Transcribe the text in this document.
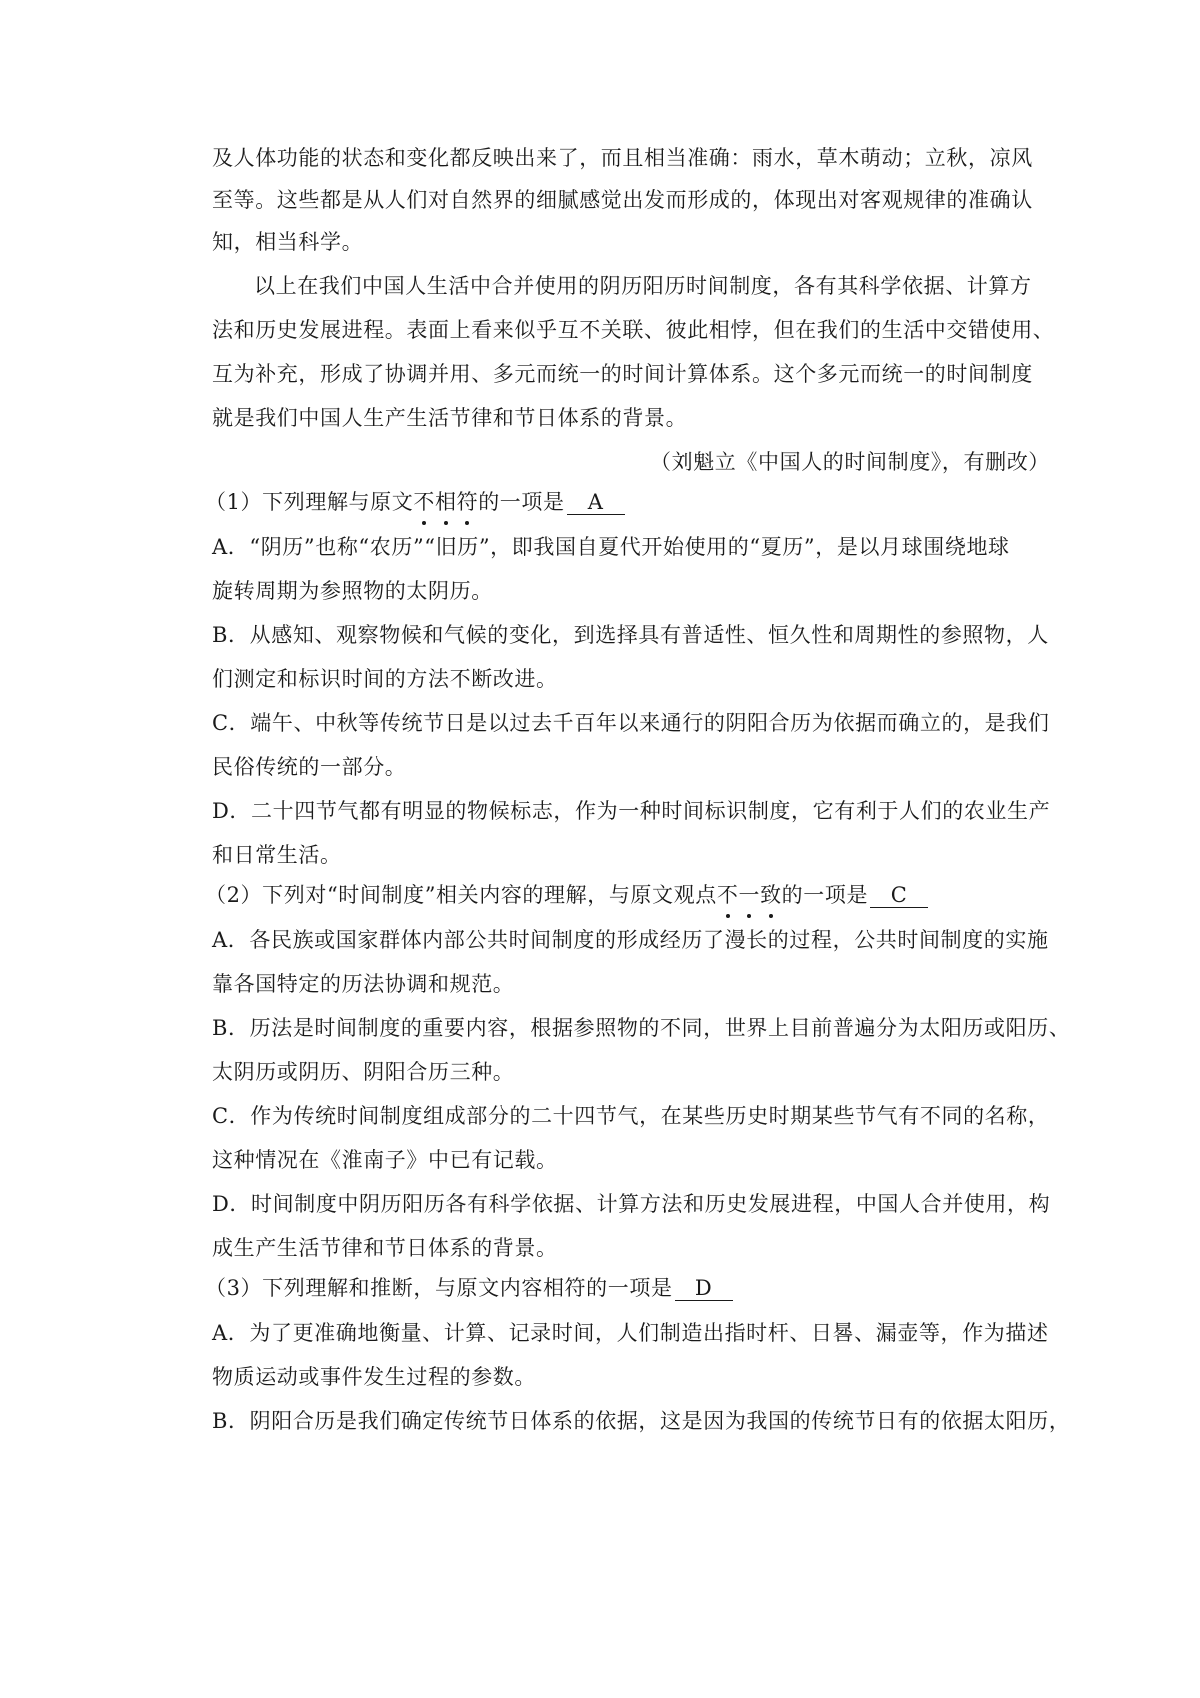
及人体功能的状态和变化都反映出来了，而且相当准确：雨水，草木萌动；立秋，凉风
至等。这些都是从人们对自然界的细腻感觉出发而形成的，体现出对客观规律的准确认
知，相当科学。
以上在我们中国人生活中合并使用的阴历阳历时间制度，各有其科学依据、计算方
法和历史发展进程。表面上看来似乎互不关联、彼此相悖，但在我们的生活中交错使用、
互为补充，形成了协调并用、多元而统一的时间计算体系。这个多元而统一的时间制度
就是我们中国人生产生活节律和节日体系的背景。
（刘魁立《中国人的时间制度》，有删改）
（1）下列理解与原文不相符的一项是 A
A．“阴历”也称“农历”“旧历”，即我国自夏代开始使用的“夏历”，是以月球围绕地球
旋转周期为参照物的太阴历。
B．从感知、观察物候和气候的变化，到选择具有普适性、恒久性和周期性的参照物，人
们测定和标识时间的方法不断改进。
C．端午、中秋等传统节日是以过去千百年以来通行的阴阳合历为依据而确立的，是我们
民俗传统的一部分。
D．二十四节气都有明显的物候标志，作为一种时间标识制度，它有利于人们的农业生产
和日常生活。
（2）下列对“时间制度”相关内容的理解，与原文观点不一致的一项是 C
A．各民族或国家群体内部公共时间制度的形成经历了漫长的过程，公共时间制度的实施
靠各国特定的历法协调和规范。
B．历法是时间制度的重要内容，根据参照物的不同，世界上目前普遍分为太阳历或阳历、
太阴历或阴历、阴阳合历三种。
C．作为传统时间制度组成部分的二十四节气，在某些历史时期某些节气有不同的名称，
这种情况在《淮南子》中已有记载。
D．时间制度中阴历阳历各有科学依据、计算方法和历史发展进程，中国人合并使用，构
成生产生活节律和节日体系的背景。
（3）下列理解和推断，与原文内容相符的一项是 D
A．为了更准确地衡量、计算、记录时间，人们制造出指时杆、日晷、漏壶等，作为描述
物质运动或事件发生过程的参数。
B．阴阳合历是我们确定传统节日体系的依据，这是因为我国的传统节日有的依据太阳历，
